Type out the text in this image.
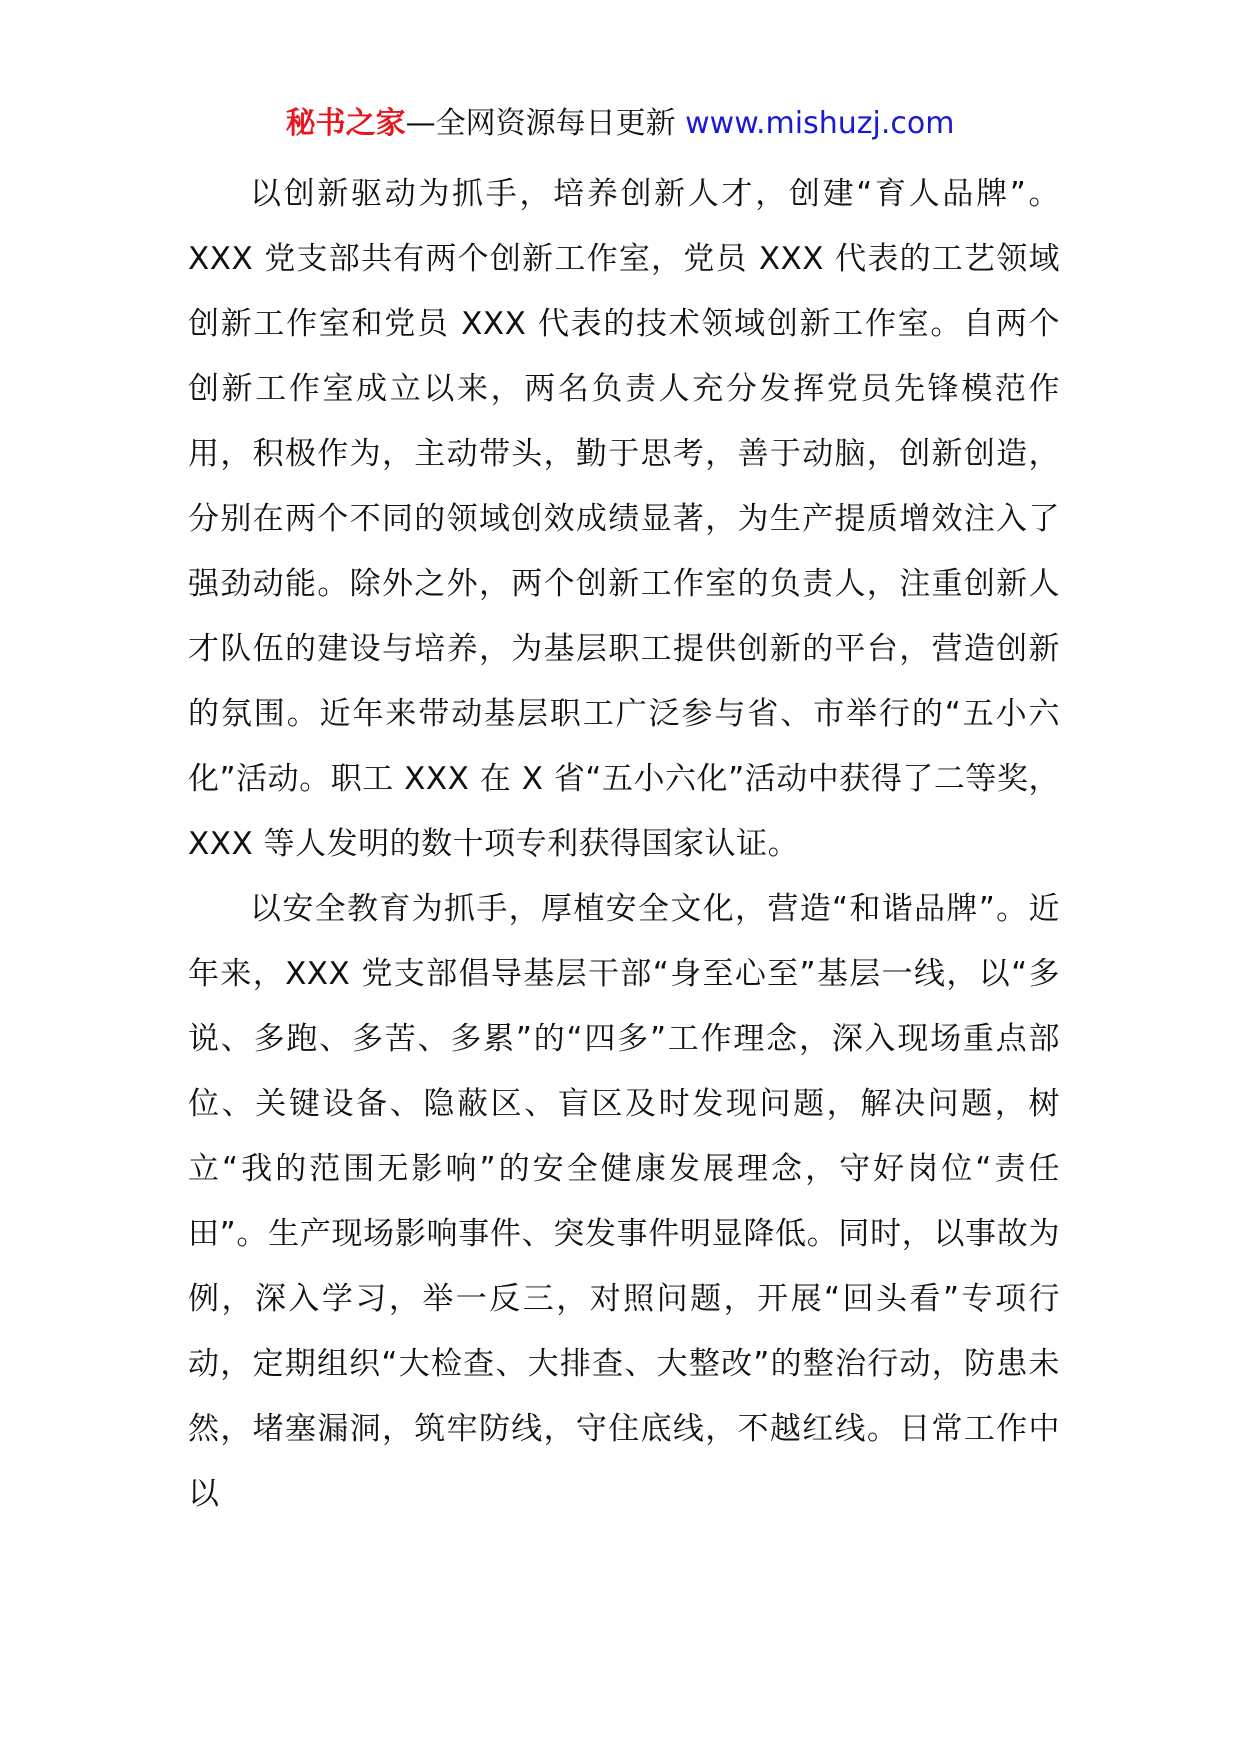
秘书之家—全网资源每日更新 www.mishuzj.com

以创新驱动为抓手，培养创新人才，创建“育人品牌”。XXX 党支部共有两个创新工作室，党员 XXX 代表的工艺领域创新工作室和党员 XXX 代表的技术领域创新工作室。自两个创新工作室成立以来，两名负责人充分发挥党员先锋模范作用，积极作为，主动带头，勤于思考，善于动脑，创新创造，分别在两个不同的领域创效成绩显著，为生产提质增效注入了强劲动能。除外之外，两个创新工作室的负责人，注重创新人才队伍的建设与培养，为基层职工提供创新的平台，营造创新的氛围。近年来带动基层职工广泛参与省、市举行的“五小六化”活动。职工 XXX 在 X 省“五小六化”活动中获得了二等奖，XXX 等人发明的数十项专利获得国家认证。

以安全教育为抓手，厚植安全文化，营造“和谐品牌”。近年来，XXX 党支部倡导基层干部“身至心至”基层一线，以“多说、多跑、多苦、多累”的“四多”工作理念，深入现场重点部位、关键设备、隐蔽区、盲区及时发现问题，解决问题，树立“我的范围无影响”的安全健康发展理念，守好岗位“责任田”。生产现场影响事件、突发事件明显降低。同时，以事故为例，深入学习，举一反三，对照问题，开展“回头看”专项行动，定期组织“大检查、大排查、大整改”的整治行动，防患未然，堵塞漏洞，筑牢防线，守住底线，不越红线。日常工作中以
